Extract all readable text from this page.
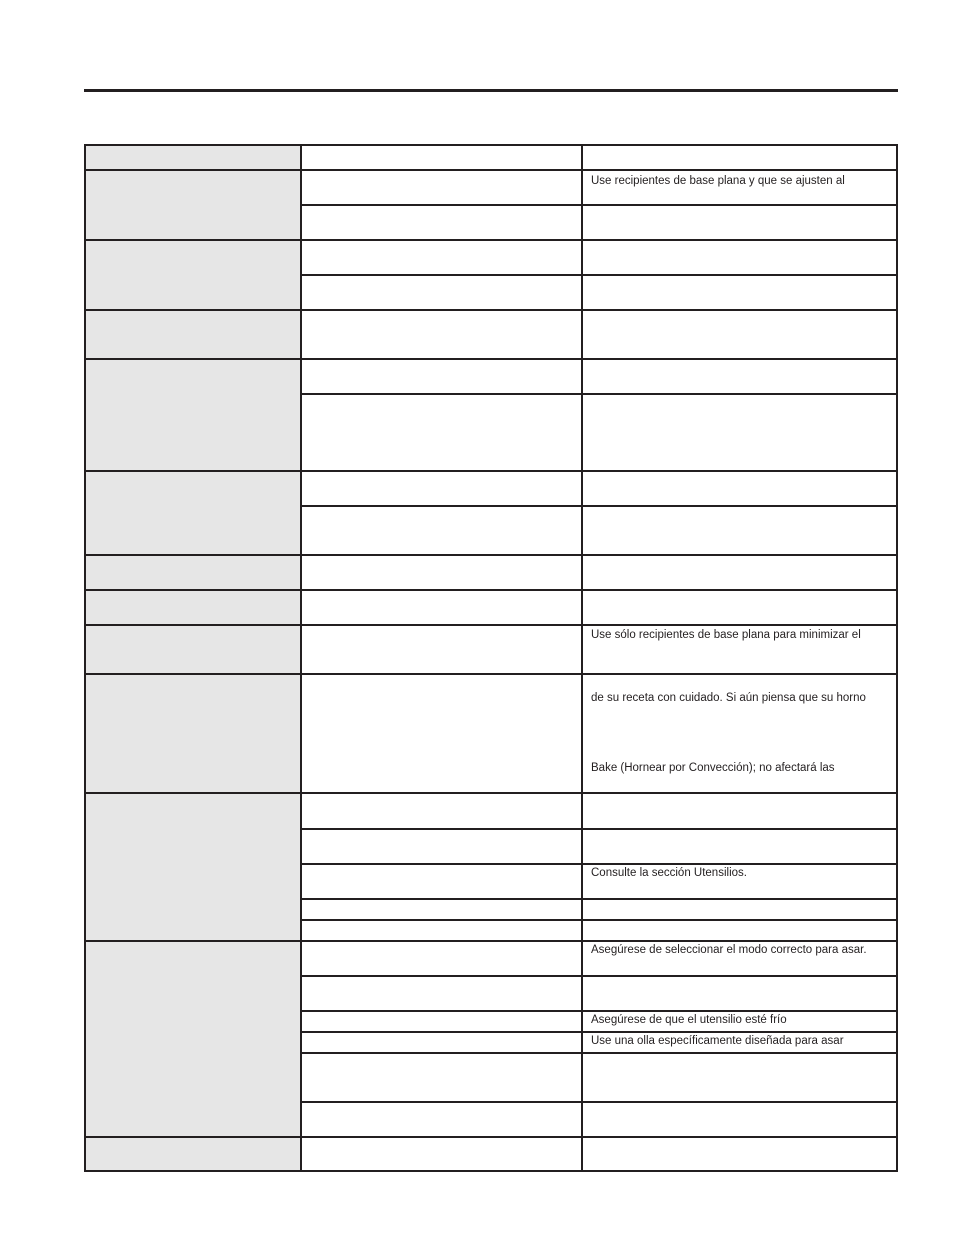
Use recipientes de base plana y que se ajusten al
Use sólo recipientes de base plana para minimizar el
de su receta con cuidado. Si aún piensa que su horno
Bake (Hornear por Convección); no afectará las
Consulte la sección Utensilios.
Asegúrese de seleccionar el modo correcto para asar.
Asegúrese de que el utensilio esté frío
Use una olla específicamente diseñada para asar
